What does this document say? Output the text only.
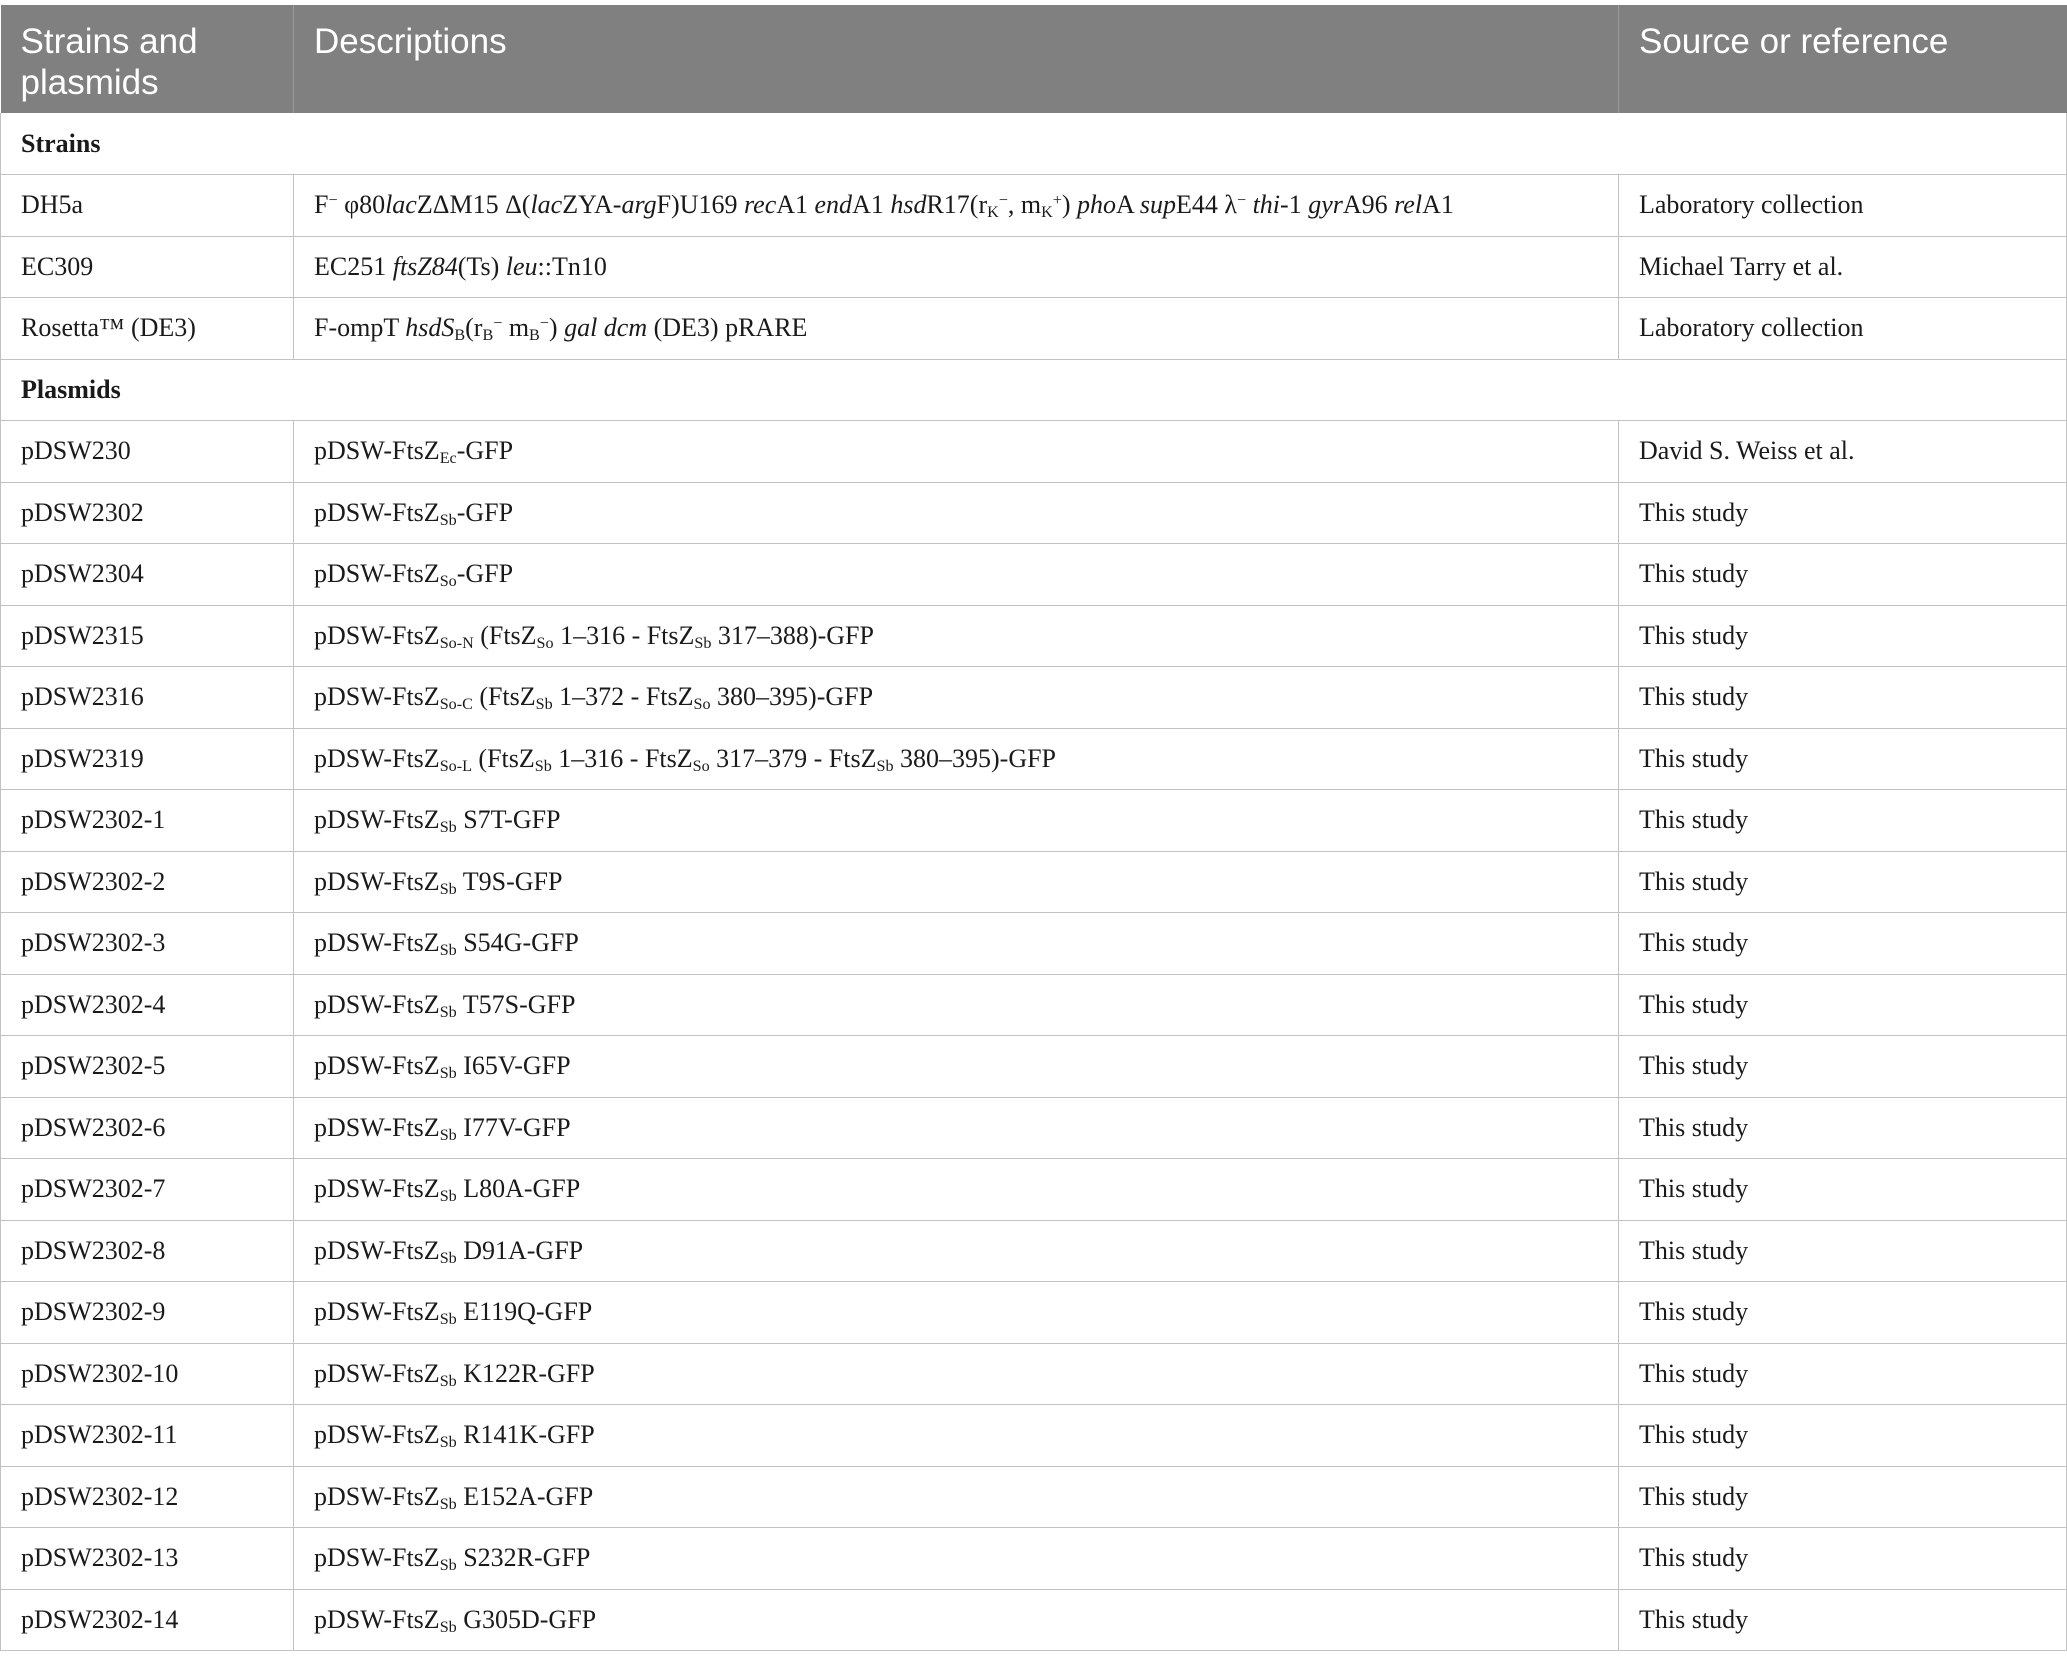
Strains and plasmids	Descriptions	Source or reference
Strains		
DH5a	F− φ80lacZΔM15 Δ(lacZYA-argF)U169 recA1 endA1 $hsdR17(r_K^-$, $m_K^+$) phoA supE44 λ− thi-1 gyrA96 relA1	Laboratory collection
EC309	EC251 ftsZ84(Ts) leu::Tn10	Michael Tarry et al.
Rosetta™ (DE3)	F-ompT $hsdS_B(r_B^-$ $m_B^-$) gal dcm (DE3) pRARE	Laboratory collection
Plasmids		
pDSW230	pDSW-FtsZ$_{Ec}$-GFP	David S. Weiss et al.
pDSW2302	pDSW-FtsZ$_{Sb}$-GFP	This study
pDSW2304	pDSW-FtsZ$_{So}$-GFP	This study
pDSW2315	pDSW-FtsZ$_{So-N}$ (FtsZ$_{So}$ 1–316 - FtsZ$_{Sb}$ 317–388)-GFP	This study
pDSW2316	pDSW-FtsZ$_{So-C}$ (FtsZ$_{Sb}$ 1–372 - FtsZ$_{So}$ 380–395)-GFP	This study
pDSW2319	pDSW-FtsZ$_{So-L}$ (FtsZ$_{Sb}$ 1–316 - FtsZ$_{So}$ 317–379 - FtsZ$_{Sb}$ 380–395)-GFP	This study
pDSW2302-1	pDSW-FtsZ$_{Sb}$ S7T-GFP	This study
pDSW2302-2	pDSW-FtsZ$_{Sb}$ T9S-GFP	This study
pDSW2302-3	pDSW-FtsZ$_{Sb}$ S54G-GFP	This study
pDSW2302-4	pDSW-FtsZ$_{Sb}$ T57S-GFP	This study
pDSW2302-5	pDSW-FtsZ$_{Sb}$ I65V-GFP	This study
pDSW2302-6	pDSW-FtsZ$_{Sb}$ I77V-GFP	This study
pDSW2302-7	pDSW-FtsZ$_{Sb}$ L80A-GFP	This study
pDSW2302-8	pDSW-FtsZ$_{Sb}$ D91A-GFP	This study
pDSW2302-9	pDSW-FtsZ$_{Sb}$ E119Q-GFP	This study
pDSW2302-10	pDSW-FtsZ$_{Sb}$ K122R-GFP	This study
pDSW2302-11	pDSW-FtsZ$_{Sb}$ R141K-GFP	This study
pDSW2302-12	pDSW-FtsZ$_{Sb}$ E152A-GFP	This study
pDSW2302-13	pDSW-FtsZ$_{Sb}$ S232R-GFP	This study
pDSW2302-14	pDSW-FtsZ$_{Sb}$ G305D-GFP	This study
